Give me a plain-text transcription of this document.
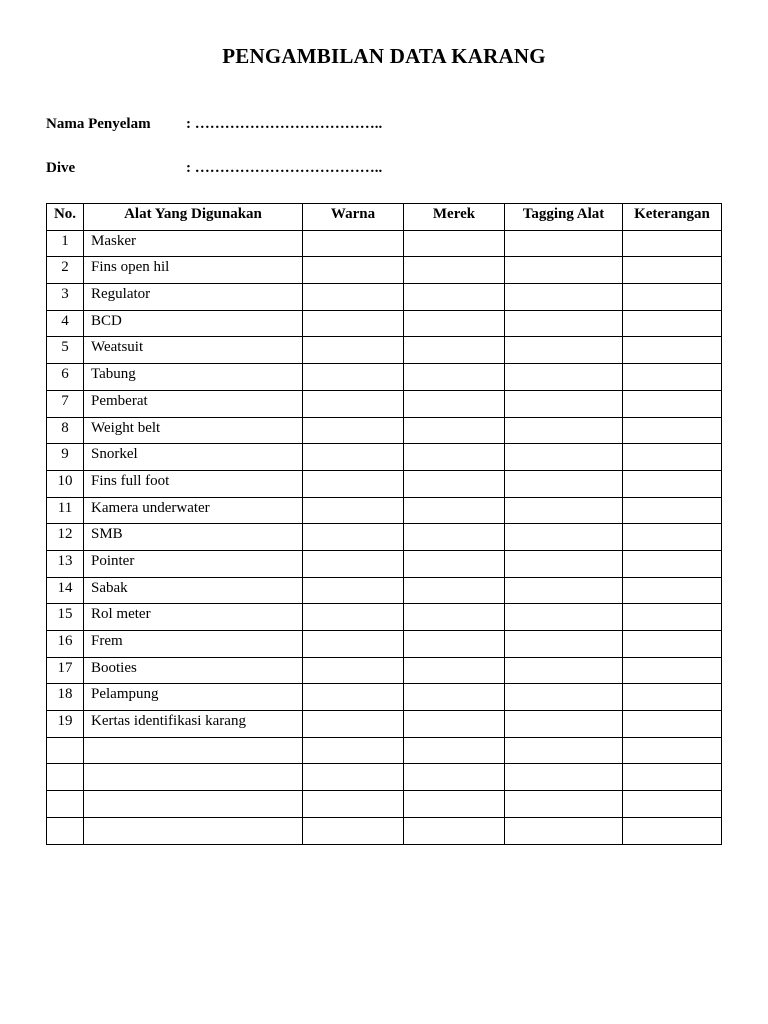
PENGAMBILAN DATA KARANG
Nama Penyelam : ………………………………..
Dive	: ………………………………..
No.	Alat Yang Digunakan	Warna	Merek	Tagging Alat	Keterangan
1	Masker				
2	Fins open hil				
3	Regulator				
4	BCD				
5	Weatsuit				
6	Tabung				
7	Pemberat				
8	Weight belt				
9	Snorkel				
10	Fins full foot				
11	Kamera underwater				
12	SMB				
13	Pointer				
14	Sabak				
15	Rol meter				
16	Frem				
17	Booties				
18	Pelampung				
19	Kertas identifikasi karang				
